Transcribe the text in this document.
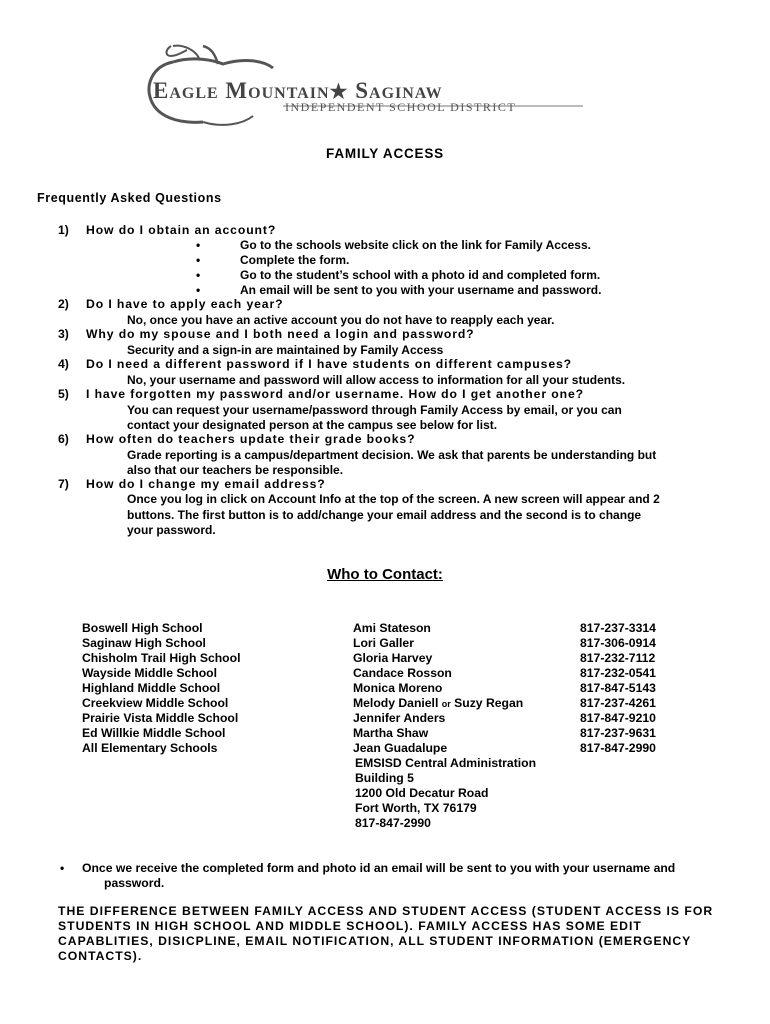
Eagle Mountain★ Saginaw
INDEPENDENT SCHOOL DISTRICT
FAMILY ACCESS
Frequently Asked Questions
1) How do I obtain an account?
•	Go to the schools website click on the link for Family Access.
•	Complete the form.
•	Go to the student’s school with a photo id and completed form.
•	An email will be sent to you with your username and password.
2) Do I have to apply each year?
No, once you have an active account you do not have to reapply each year.
3) Why do my spouse and I both need a login and password?
Security and a sign-in are maintained by Family Access
4) Do I need a different password if I have students on different campuses?
No, your username and password will allow access to information for all your students.
5) I have forgotten my password and/or username. How do I get another one?
You can request your username/password through Family Access by email, or you can
contact your designated person at the campus see below for list.
6) How often do teachers update their grade books?
Grade reporting is a campus/department decision. We ask that parents be understanding but
also that our teachers be responsible.
7) How do I change my email address?
Once you log in click on Account Info at the top of the screen. A new screen will appear and 2
buttons. The first button is to add/change your email address and the second is to change
your password.
Who to Contact:
Boswell High School	Ami Stateson	817-237-3314
Saginaw High School	Lori Galler	817-306-0914
Chisholm Trail High School	Gloria Harvey	817-232-7112
Wayside Middle School	Candace Rosson	817-232-0541
Highland Middle School	Monica Moreno	817-847-5143
Creekview Middle School	Melody Daniell or Suzy Regan	817-237-4261
Prairie Vista Middle School	Jennifer Anders	817-847-9210
Ed Willkie Middle School	Martha Shaw	817-237-9631
All Elementary Schools	Jean Guadalupe	817-847-2990
EMSISD Central Administration
Building 5
1200 Old Decatur Road
Fort Worth, TX 76179
817-847-2990
• Once we receive the completed form and photo id an email will be sent to you with your username and
password.
THE DIFFERENCE BETWEEN FAMILY ACCESS AND STUDENT ACCESS (STUDENT ACCESS IS FOR STUDENTS IN HIGH SCHOOL AND MIDDLE SCHOOL). FAMILY ACCESS HAS SOME EDIT CAPABLITIES, DISICPLINE, EMAIL NOTIFICATION, ALL STUDENT INFORMATION (EMERGENCY CONTACTS).
